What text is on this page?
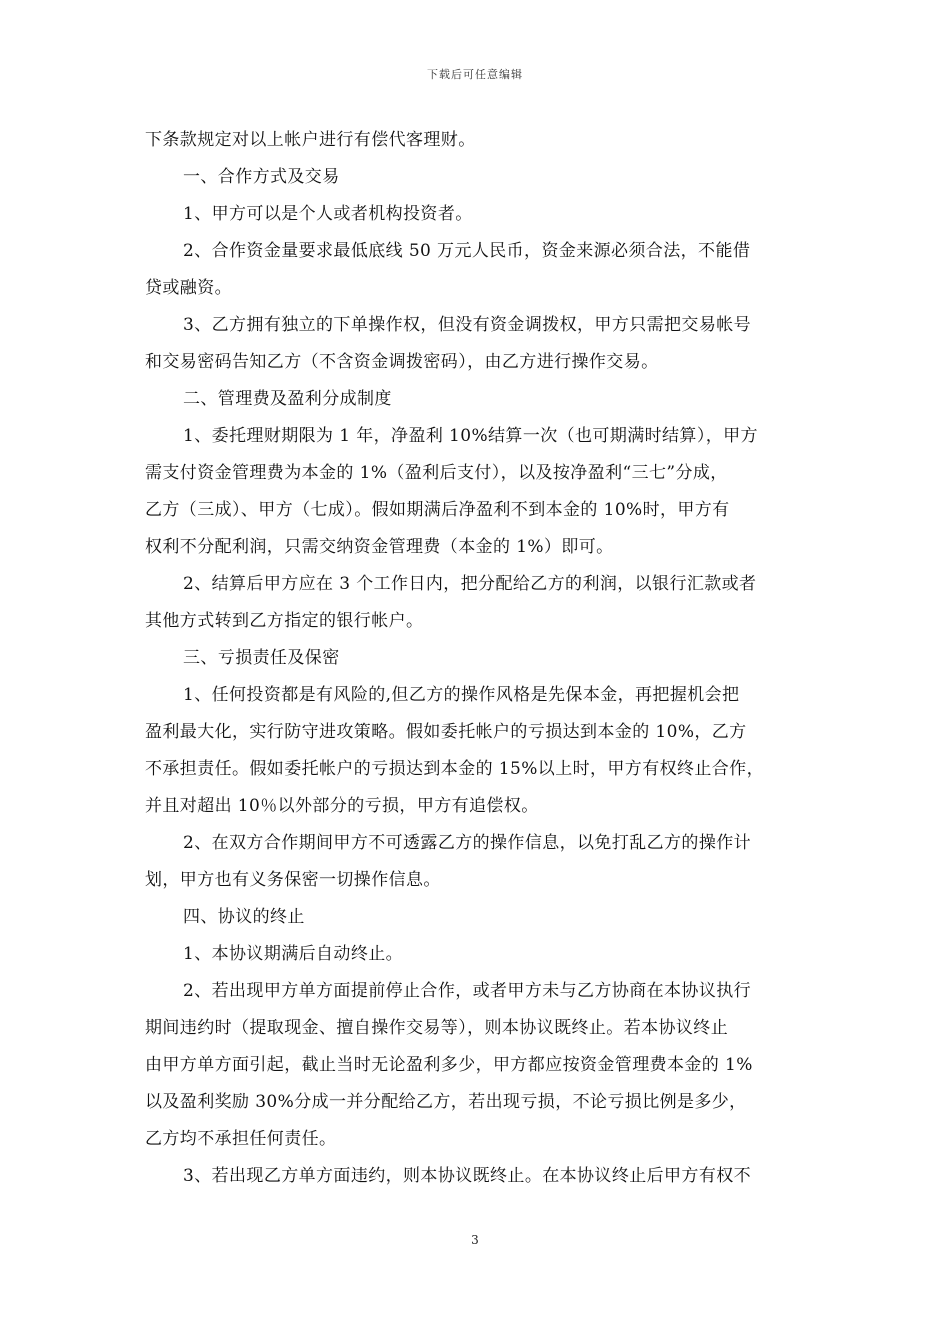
下载后可任意编辑

下条款规定对以上帐户进行有偿代客理财。

一、合作方式及交易

1、甲方可以是个人或者机构投资者。

2、合作资金量要求最低底线 50 万元人民币，资金来源必须合法，不能借

贷或融资。

3、乙方拥有独立的下单操作权，但没有资金调拨权，甲方只需把交易帐号

和交易密码告知乙方（不含资金调拨密码），由乙方进行操作交易。

二、管理费及盈利分成制度

1、委托理财期限为 1 年，净盈利 10%结算一次（也可期满时结算），甲方

需支付资金管理费为本金的 1%（盈利后支付），以及按净盈利“三七”分成，

乙方（三成）、甲方（七成）。假如期满后净盈利不到本金的 10%时，甲方有

权利不分配利润，只需交纳资金管理费（本金的 1%）即可。

2、结算后甲方应在 3 个工作日内，把分配给乙方的利润，以银行汇款或者

其他方式转到乙方指定的银行帐户。

三、亏损责任及保密

1、任何投资都是有风险的,但乙方的操作风格是先保本金，再把握机会把

盈利最大化，实行防守进攻策略。假如委托帐户的亏损达到本金的 10%，乙方

不承担责任。假如委托帐户的亏损达到本金的 15%以上时，甲方有权终止合作，

并且对超出 10％以外部分的亏损，甲方有追偿权。

2、在双方合作期间甲方不可透露乙方的操作信息，以免打乱乙方的操作计

划，甲方也有义务保密一切操作信息。

四、协议的终止

1、本协议期满后自动终止。

2、若出现甲方单方面提前停止合作，或者甲方未与乙方协商在本协议执行

期间违约时（提取现金、擅自操作交易等），则本协议既终止。若本协议终止

由甲方单方面引起，截止当时无论盈利多少，甲方都应按资金管理费本金的 1%

以及盈利奖励 30%分成一并分配给乙方，若出现亏损，不论亏损比例是多少，

乙方均不承担任何责任。

3、若出现乙方单方面违约，则本协议既终止。在本协议终止后甲方有权不

3
